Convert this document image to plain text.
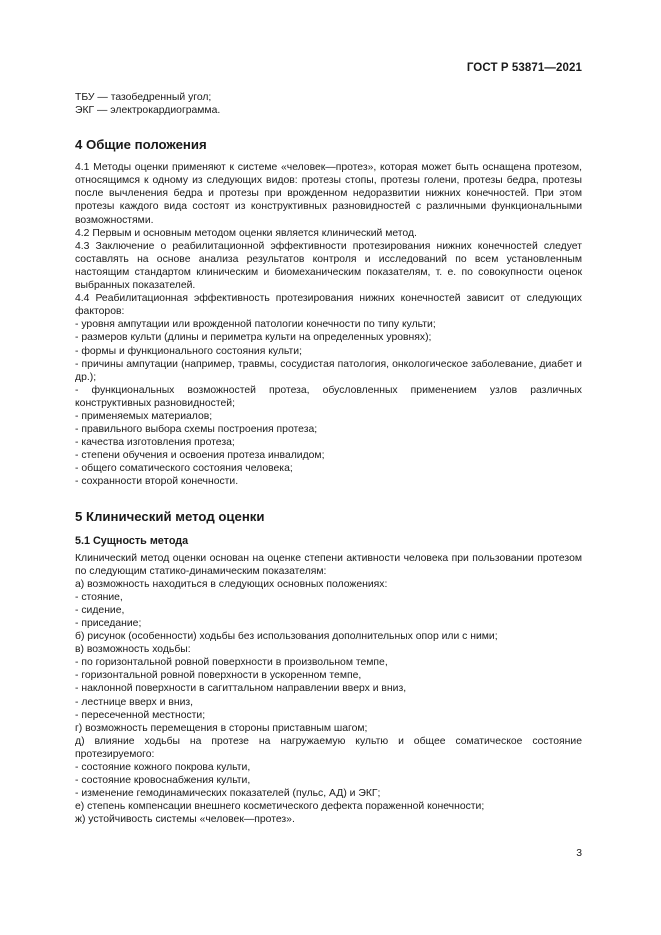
ГОСТ Р 53871—2021

ТБУ — тазобедренный угол;

ЭКГ — электрокардиограмма.

4 Общие положения

4.1 Методы оценки применяют к системе «человек—протез», которая может быть оснащена протезом, относящимся к одному из следующих видов: протезы стопы, протезы голени, протезы бедра, протезы после вычленения бедра и протезы при врожденном недоразвитии нижних конечностей. При этом протезы каждого вида состоят из конструктивных разновидностей с различными функциональными возможностями.

4.2 Первым и основным методом оценки является клинический метод.

4.3 Заключение о реабилитационной эффективности протезирования нижних конечностей следует составлять на основе анализа результатов контроля и исследований по всем установленным настоящим стандартом клиническим и биомеханическим показателям, т. е. по совокупности оценок выбранных показателей.

4.4 Реабилитационная эффективность протезирования нижних конечностей зависит от следующих факторов:

- уровня ампутации или врожденной патологии конечности по типу культи;

- размеров культи (длины и периметра культи на определенных уровнях);

- формы и функционального состояния культи;

- причины ампутации (например, травмы, сосудистая патология, онкологическое заболевание, диабет и др.);

- функциональных возможностей протеза, обусловленных применением узлов различных конструктивных разновидностей;

- применяемых материалов;

- правильного выбора схемы построения протеза;

- качества изготовления протеза;

- степени обучения и освоения протеза инвалидом;

- общего соматического состояния человека;

- сохранности второй конечности.

5 Клинический метод оценки

5.1 Сущность метода

Клинический метод оценки основан на оценке степени активности человека при пользовании протезом по следующим статико-динамическим показателям:

а) возможность находиться в следующих основных положениях:

- стояние,

- сидение,

- приседание;

б) рисунок (особенности) ходьбы без использования дополнительных опор или с ними;

в) возможность ходьбы:

- по горизонтальной ровной поверхности в произвольном темпе,

- горизонтальной ровной поверхности в ускоренном темпе,

- наклонной поверхности в сагиттальном направлении вверх и вниз,

- лестнице вверх и вниз,

- пересеченной местности;

г) возможность перемещения в стороны приставным шагом;

д) влияние ходьбы на протезе на нагружаемую культю и общее соматическое состояние протезируемого:

- состояние кожного покрова культи,

- состояние кровоснабжения культи,

- изменение гемодинамических показателей (пульс, АД) и ЭКГ;

е) степень компенсации внешнего косметического дефекта пораженной конечности;

ж) устойчивость системы «человек—протез».

3
